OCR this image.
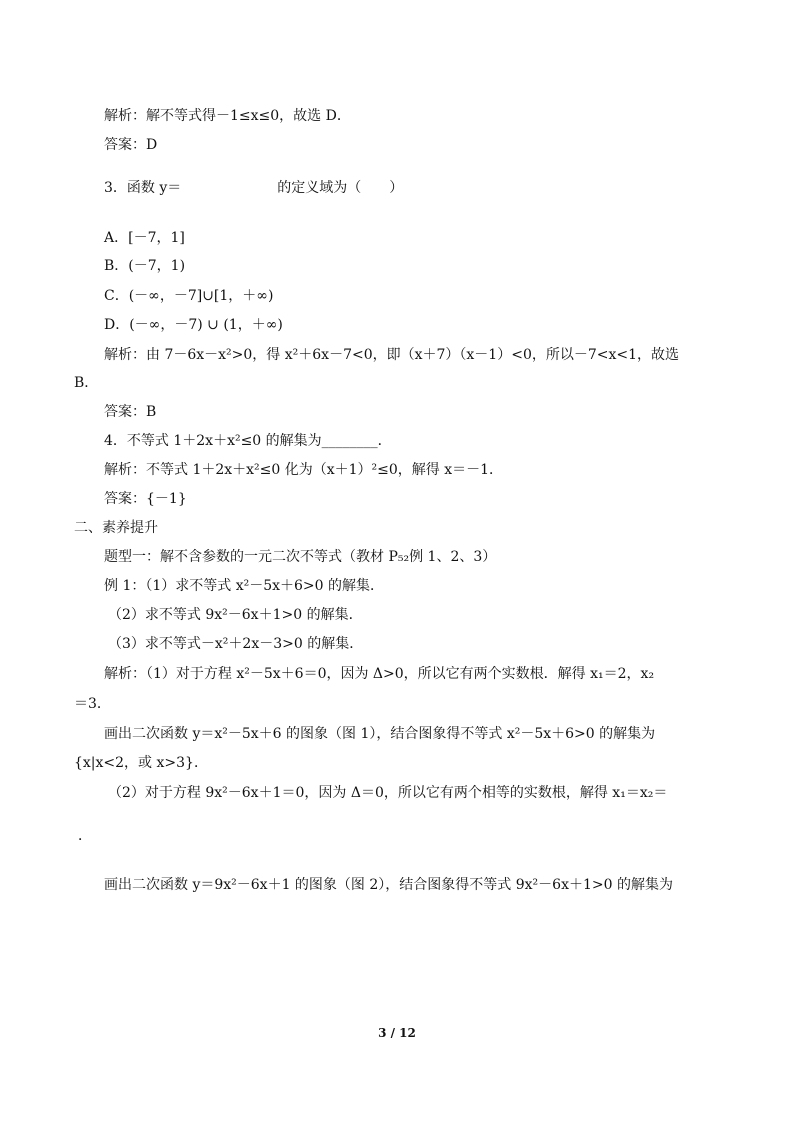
解析：解不等式得－1≤x≤0，故选 D．
答案：D
3．函数 y＝	的定义域为（　　）
A．[－7，1]
B．(－7，1)
C．(－∞，－7]∪[1，＋∞)
D．(－∞，－7) ∪ (1，＋∞)
解析：由 7－6x－x²>0，得 x²＋6x－7<0，即（x＋7）（x－1）<0，所以－7<x<1，故选
B．
答案：B
4．不等式 1＋2x＋x²≤0 的解集为________．
解析：不等式 1＋2x＋x²≤0 化为（x＋1）²≤0，解得 x＝－1．
答案：{－1}
二、素养提升
题型一：解不含参数的一元二次不等式（教材 P₅₂例 1、2、3）
例 1：（1）求不等式 x²－5x＋6>0 的解集．
（2）求不等式 9x²－6x＋1>0 的解集．
（3）求不等式－x²＋2x－3>0 的解集．
解析：（1）对于方程 x²－5x＋6＝0，因为 Δ>0，所以它有两个实数根．解得 x₁＝2，x₂
＝3．
画出二次函数 y＝x²－5x＋6 的图象（图 1），结合图象得不等式 x²－5x＋6>0 的解集为
{x|x<2，或 x>3}．
（2）对于方程 9x²－6x＋1＝0，因为 Δ＝0，所以它有两个相等的实数根，解得 x₁＝x₂＝
．
画出二次函数 y＝9x²－6x＋1 的图象（图 2），结合图象得不等式 9x²－6x＋1>0 的解集为
3 / 12
